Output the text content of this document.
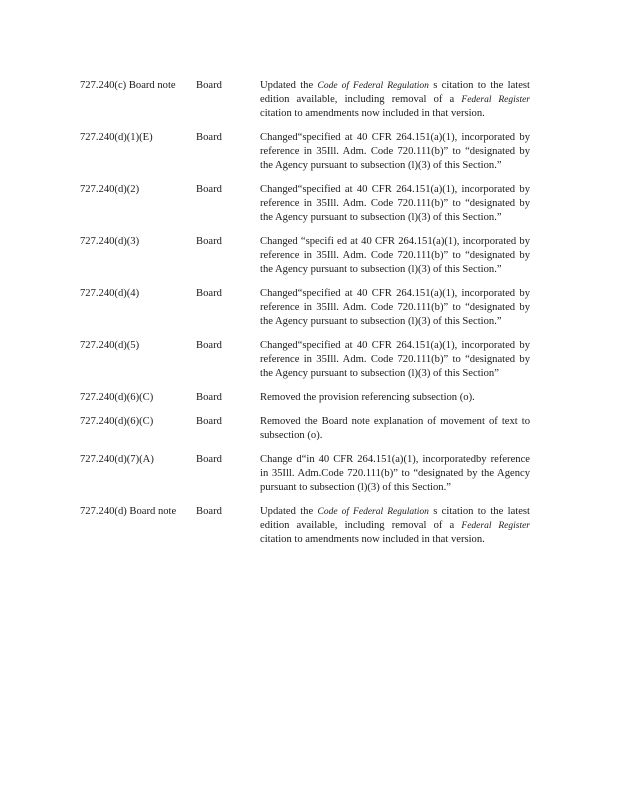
727.240(c) Board note	Board	Updated the Code of Federal Regulation s citation to the latest edition available, including removal of a Federal Register citation to amendments now included in that version.
727.240(d)(1)(E)	Board	Changed“specified at 40 CFR 264.151(a)(1), incorporated by reference in 35Ill. Adm. Code 720.111(b)” to “designated by the Agency pursuant to subsection (l)(3) of this Section.”
727.240(d)(2)	Board	Changed“specified at 40 CFR 264.151(a)(1), incorporated by reference in 35Ill. Adm. Code 720.111(b)” to “designated by the Agency pursuant to subsection (l)(3) of this Section.”
727.240(d)(3)	Board	Changed “specifi ed at 40 CFR 264.151(a)(1), incorporated by reference in 35Ill. Adm. Code 720.111(b)” to “designated by the Agency pursuant to subsection (l)(3) of this Section.”
727.240(d)(4)	Board	Changed“specified at 40 CFR 264.151(a)(1), incorporated by reference in 35Ill. Adm. Code 720.111(b)” to “designated by the Agency pursuant to subsection (l)(3) of this Section.”
727.240(d)(5)	Board	Changed“specified at 40 CFR 264.151(a)(1), incorporated by reference in 35Ill. Adm. Code 720.111(b)” to “designated by the Agency pursuant to subsection (l)(3) of this Section”
727.240(d)(6)(C)	Board	Removed the provision referencing subsection (o).
727.240(d)(6)(C)	Board	Removed the Board note explanation of movement of text to subsection (o).
727.240(d)(7)(A)	Board	Change d“in 40 CFR 264.151(a)(1), incorporatedby reference in 35Ill. Adm.Code 720.111(b)” to “designated by the Agency pursuant to subsection (l)(3) of this Section.”
727.240(d) Board note	Board	Updated the Code of Federal Regulation s citation to the latest edition available, including removal of a Federal Register citation to amendments now included in that version.
